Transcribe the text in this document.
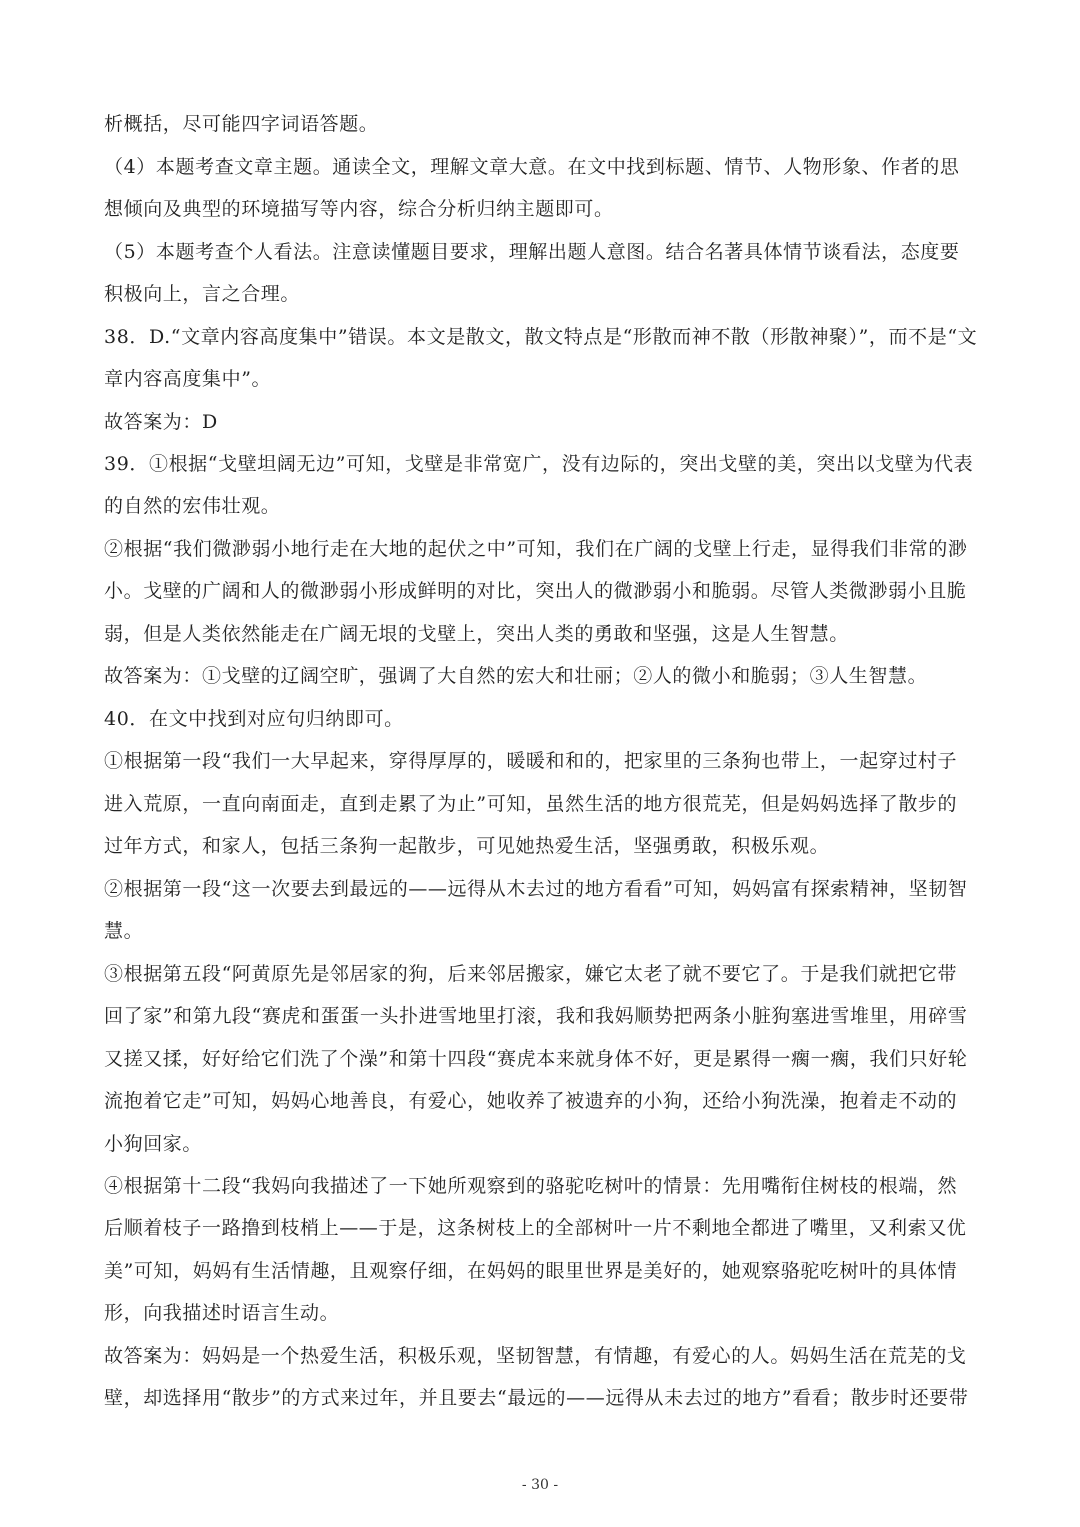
析概括，尽可能四字词语答题。
（4）本题考查文章主题。通读全文，理解文章大意。在文中找到标题、情节、人物形象、作者的思
想倾向及典型的环境描写等内容，综合分析归纳主题即可。
（5）本题考查个人看法。注意读懂题目要求，理解出题人意图。结合名著具体情节谈看法，态度要
积极向上，言之合理。
38．D.“文章内容高度集中”错误。本文是散文，散文特点是“形散而神不散（形散神聚）”，而不是“文
章内容高度集中”。
故答案为：D
39．①根据“戈壁坦阔无边”可知，戈壁是非常宽广，没有边际的，突出戈壁的美，突出以戈壁为代表
的自然的宏伟壮观。
②根据“我们微渺弱小地行走在大地的起伏之中”可知，我们在广阔的戈壁上行走，显得我们非常的渺
小。戈壁的广阔和人的微渺弱小形成鲜明的对比，突出人的微渺弱小和脆弱。尽管人类微渺弱小且脆
弱，但是人类依然能走在广阔无垠的戈壁上，突出人类的勇敢和坚强，这是人生智慧。
故答案为：①戈壁的辽阔空旷，强调了大自然的宏大和壮丽；②人的微小和脆弱；③人生智慧。
40．在文中找到对应句归纳即可。
①根据第一段“我们一大早起来，穿得厚厚的，暖暖和和的，把家里的三条狗也带上，一起穿过村子
进入荒原，一直向南面走，直到走累了为止”可知，虽然生活的地方很荒芜，但是妈妈选择了散步的
过年方式，和家人，包括三条狗一起散步，可见她热爱生活，坚强勇敢，积极乐观。
②根据第一段“这一次要去到最远的——远得从木去过的地方看看”可知，妈妈富有探索精神，坚韧智
慧。
③根据第五段“阿黄原先是邻居家的狗，后来邻居搬家，嫌它太老了就不要它了。于是我们就把它带
回了家”和第九段“赛虎和蛋蛋一头扑进雪地里打滚，我和我妈顺势把两条小脏狗塞进雪堆里，用碎雪
又搓又揉，好好给它们洗了个澡”和第十四段“赛虎本来就身体不好，更是累得一瘸一瘸，我们只好轮
流抱着它走”可知，妈妈心地善良，有爱心，她收养了被遗弃的小狗，还给小狗洗澡，抱着走不动的
小狗回家。
④根据第十二段“我妈向我描述了一下她所观察到的骆驼吃树叶的情景：先用嘴衔住树枝的根端，然
后顺着枝子一路撸到枝梢上——于是，这条树枝上的全部树叶一片不剩地全都进了嘴里，又利索又优
美”可知，妈妈有生活情趣，且观察仔细，在妈妈的眼里世界是美好的，她观察骆驼吃树叶的具体情
形，向我描述时语言生动。
故答案为：妈妈是一个热爱生活，积极乐观，坚韧智慧，有情趣，有爱心的人。妈妈生活在荒芜的戈
壁，却选择用“散步”的方式来过年，并且要去“最远的——远得从未去过的地方”看看；散步时还要带
- 30 -
